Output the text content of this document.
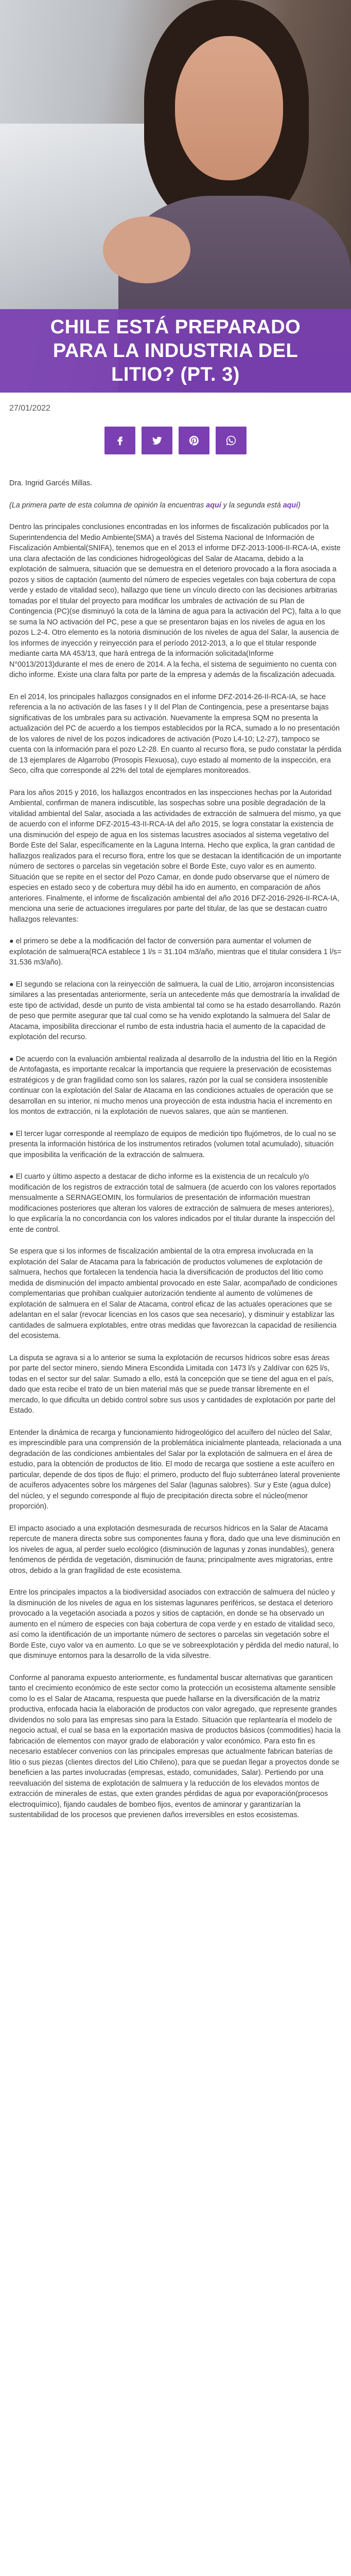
CHILE ESTÁ PREPARADO PARA LA INDUSTRIA DEL LITIO? (PT. 3)
27/01/2022

Dra. Ingrid Garcés Millas.

(La primera parte de esta columna de opinión la encuentras aquí y la segunda está aquí)

Dentro las principales conclusiones encontradas en los informes de fiscalización publicados por la Superintendencia del Medio Ambiente(SMA) a través del Sistema Nacional de Información de Fiscalización Ambiental(SNIFA), tenemos que en el 2013 el informe DFZ-2013-1006-II-RCA-IA, existe una clara afectación de las condiciones hidrogeológicas del Salar de Atacama, debido a la explotación de salmuera, situación que se demuestra en el deterioro provocado a la flora asociada a pozos y sitios de captación (aumento del número de especies vegetales con baja cobertura de copa verde y estado de vitalidad seco), hallazgo que tiene un vínculo directo con las decisiones arbitrarias tomadas por el titular del proyecto para modificar los umbrales de activación de su Plan de Contingencia (PC)(se disminuyó la cota de la lámina de agua para la activación del PC), falta a lo que se suma la NO activación del PC, pese a que se presentaron bajas en los niveles de agua en los pozos L.2-4. Otro elemento es la notoria disminución de los niveles de agua del Salar, la ausencia de los informes de inyección y reinyección para el período 2012-2013, a lo que el titular responde mediante carta MA 453/13, que hará entrega de la información solicitada(Informe N°0013/2013)durante el mes de enero de 2014. A la fecha, el sistema de seguimiento no cuenta con dicho informe. Existe una clara falta por parte de la empresa y además de la fiscalización adecuada.

En el 2014, los principales hallazgos consignados en el informe DFZ-2014-26-II-RCA-IA, se hace referencia a la no activación de las fases I y II del Plan de Contingencia, pese a presentarse bajas significativas de los umbrales para su activación. Nuevamente la empresa SQM no presenta la actualización del PC de acuerdo a los tiempos establecidos por la RCA, sumado a lo no presentación de los valores de nivel de los pozos indicadores de activación (Pozo L4-10; L2-27), tampoco se cuenta con la información para el pozo L2-28. En cuanto al recurso flora, se pudo constatar la pérdida de 13 ejemplares de Algarrobo (Prosopis Flexuosa), cuyo estado al momento de la inspección, era Seco, cifra que corresponde al 22% del total de ejemplares monitoreados.

Para los años 2015 y 2016, los hallazgos encontrados en las inspecciones hechas por la Autoridad Ambiental, confirman de manera indiscutible, las sospechas sobre una posible degradación de la vitalidad ambiental del Salar, asociada a las actividades de extracción de salmuera del mismo, ya que de acuerdo con el informe DFZ-2015-43-II-RCA-IA del año 2015, se logra constatar la existencia de una disminución del espejo de agua en los sistemas lacustres asociados al sistema vegetativo del Borde Este del Salar, específicamente en la Laguna Interna. Hecho que explica, la gran cantidad de hallazgos realizados para el recurso flora, entre los que se destacan la identificación de un importante número de sectores o parcelas sin vegetación sobre el Borde Este, cuyo valor es en aumento. Situación que se repite en el sector del Pozo Camar, en donde pudo observarse que el número de especies en estado seco y de cobertura muy débil ha ido en aumento, en comparación de años anteriores. Finalmente, el informe de fiscalización ambiental del año 2016 DFZ-2016-2926-II-RCA-IA, menciona una serie de actuaciones irregulares por parte del titular, de las que se destacan cuatro hallazgos relevantes:

● el primero se debe a la modificación del factor de conversión para aumentar el volumen de explotación de salmuera(RCA establece 1 l/s = 31.104 m3/año, mientras que el titular considera 1 l/s= 31.536 m3/año).

● El segundo se relaciona con la reinyección de salmuera, la cual de Litio, arrojaron inconsistencias similares a las presentadas anteriormente, sería un antecedente más que demostraría la invalidad de este tipo de actividad, desde un punto de vista ambiental tal como se ha estado desarrollando. Razón de peso que permite asegurar que tal cual como se ha venido explotando la salmuera del Salar de Atacama, imposibilita direccionar el rumbo de esta industria hacia el aumento de la capacidad de explotación del recurso.

● De acuerdo con la evaluación ambiental realizada al desarrollo de la industria del litio en la Región de Antofagasta, es importante recalcar la importancia que requiere la preservación de ecosistemas estratégicos y de gran fragilidad como son los salares, razón por la cual se considera insostenible continuar con la explotación del Salar de Atacama en las condiciones actuales de operación que se desarrollan en su interior, ni mucho menos una proyección de esta industria hacia el incremento en los montos de extracción, ni la explotación de nuevos salares, que aún se mantienen.

● El tercer lugar corresponde al reemplazo de equipos de medición tipo flujómetros, de lo cual no se presenta la información histórica de los instrumentos retirados (volumen total acumulado), situación que imposibilita la verificación de la extracción de salmuera.

● El cuarto y último aspecto a destacar de dicho informe es la existencia de un recalculo y/o modificación de los registros de extracción total de salmuera (de acuerdo con los valores reportados mensualmente a SERNAGEOMIN, los formularios de presentación de información muestran modificaciones posteriores que alteran los valores de extracción de salmuera de meses anteriores), lo que explicaría la no concordancia con los valores indicados por el titular durante la inspección del ente de control.

Se espera que si los informes de fiscalización ambiental de la otra empresa involucrada en la explotación del Salar de Atacama para la fabricación de productos volumenes de explotación de salmuera, hechos que fortalecen la tendencia hacia la diversificación de productos del litio como medida de disminución del impacto ambiental provocado en este Salar, acompañado de condiciones complementarias que prohiban cualquier autorización tendiente al aumento de volúmenes de explotación de salmuera en el Salar de Atacama, control eficaz de las actuales operaciones que se adelantan en el salar (revocar licencias en los casos que sea necesario), y disminuir y establizar las cantidades de salmuera explotables, entre otras medidas que favorezcan la capacidad de resiliencia del ecosistema.

La disputa se agrava si a lo anterior se suma la explotación de recursos hídricos sobre esas áreas por parte del sector minero, siendo Minera Escondida Limitada con 1473 l/s y Zaldívar con 625 l/s, todas en el sector sur del salar. Sumado a ello, está la concepción que se tiene del agua en el país, dado que esta recibe el trato de un bien material más que se puede transar libremente en el mercado, lo que dificulta un debido control sobre sus usos y cantidades de explotación por parte del Estado.

Entender la dinámica de recarga y funcionamiento hidrogeológico del acuífero del núcleo del Salar, es imprescindible para una comprensión de la problemática inicialmente planteada, relacionada a una degradación de las condiciones ambientales del Salar por la explotación de salmuera en el área de estudio, para la obtención de productos de litio. El modo de recarga que sostiene a este acuífero en particular, depende de dos tipos de flujo: el primero, producto del flujo subterráneo lateral proveniente de acuíferos adyacentes sobre los márgenes del Salar (lagunas salobres). Sur y Este (agua dulce) del núcleo, y el segundo corresponde al flujo de precipitación directa sobre el núcleo(menor proporción).

El impacto asociado a una explotación desmesurada de recursos hídricos en la Salar de Atacama repercute de manera directa sobre sus componentes fauna y flora, dado que una leve disminución en los niveles de agua, al perder suelo ecológico (disminución de lagunas y zonas inundables), genera fenómenos de pérdida de vegetación, disminución de fauna; principalmente aves migratorias, entre otros, debido a la gran fragilidad de este ecosistema.

Entre los principales impactos a la biodiversidad asociados con extracción de salmuera del núcleo y la disminución de los niveles de agua en los sistemas lagunares periféricos, se destaca el deterioro provocado a la vegetación asociada a pozos y sitios de captación, en donde se ha observado un aumento en el número de especies con baja cobertura de copa verde y en estado de vitalidad seco, así como la identificación de un importante número de sectores o parcelas sin vegetación sobre el Borde Este, cuyo valor va en aumento. Lo que se ve sobreexplotación y pérdida del medio natural, lo que disminuye entornos para la desarrollo de la vida silvestre.

Conforme al panorama expuesto anteriormente, es fundamental buscar alternativas que garanticen tanto el crecimiento económico de este sector como la protección un ecosistema altamente sensible como lo es el Salar de Atacama, respuesta que puede hallarse en la diversificación de la matriz productiva, enfocada hacia la elaboración de productos con valor agregado, que represente grandes dividendos no solo para las empresas sino para la Estado. Situación que replantearía el modelo de negocio actual, el cual se basa en la exportación masiva de productos básicos (commodities) hacia la fabricación de elementos con mayor grado de elaboración y valor económico. Para esto fin es necesario establecer convenios con las principales empresas que actualmente fabrican baterías de litio o sus piezas (clientes directos del Litio Chileno), para que se puedan llegar a proyectos donde se beneficien a las partes involucradas (empresas, estado, comunidades, Salar). Pertiendo por una reevaluación del sistema de explotación de salmuera y la reducción de los elevados montos de extracción de minerales de estas, que exten grandes pérdidas de agua por evaporación(procesos electroquímico), fijando caudales de bombeo fijos, eventos de aminorar y garantizarían la sustentabilidad de los procesos que previenen daños irreversibles en estos ecosistemas.
